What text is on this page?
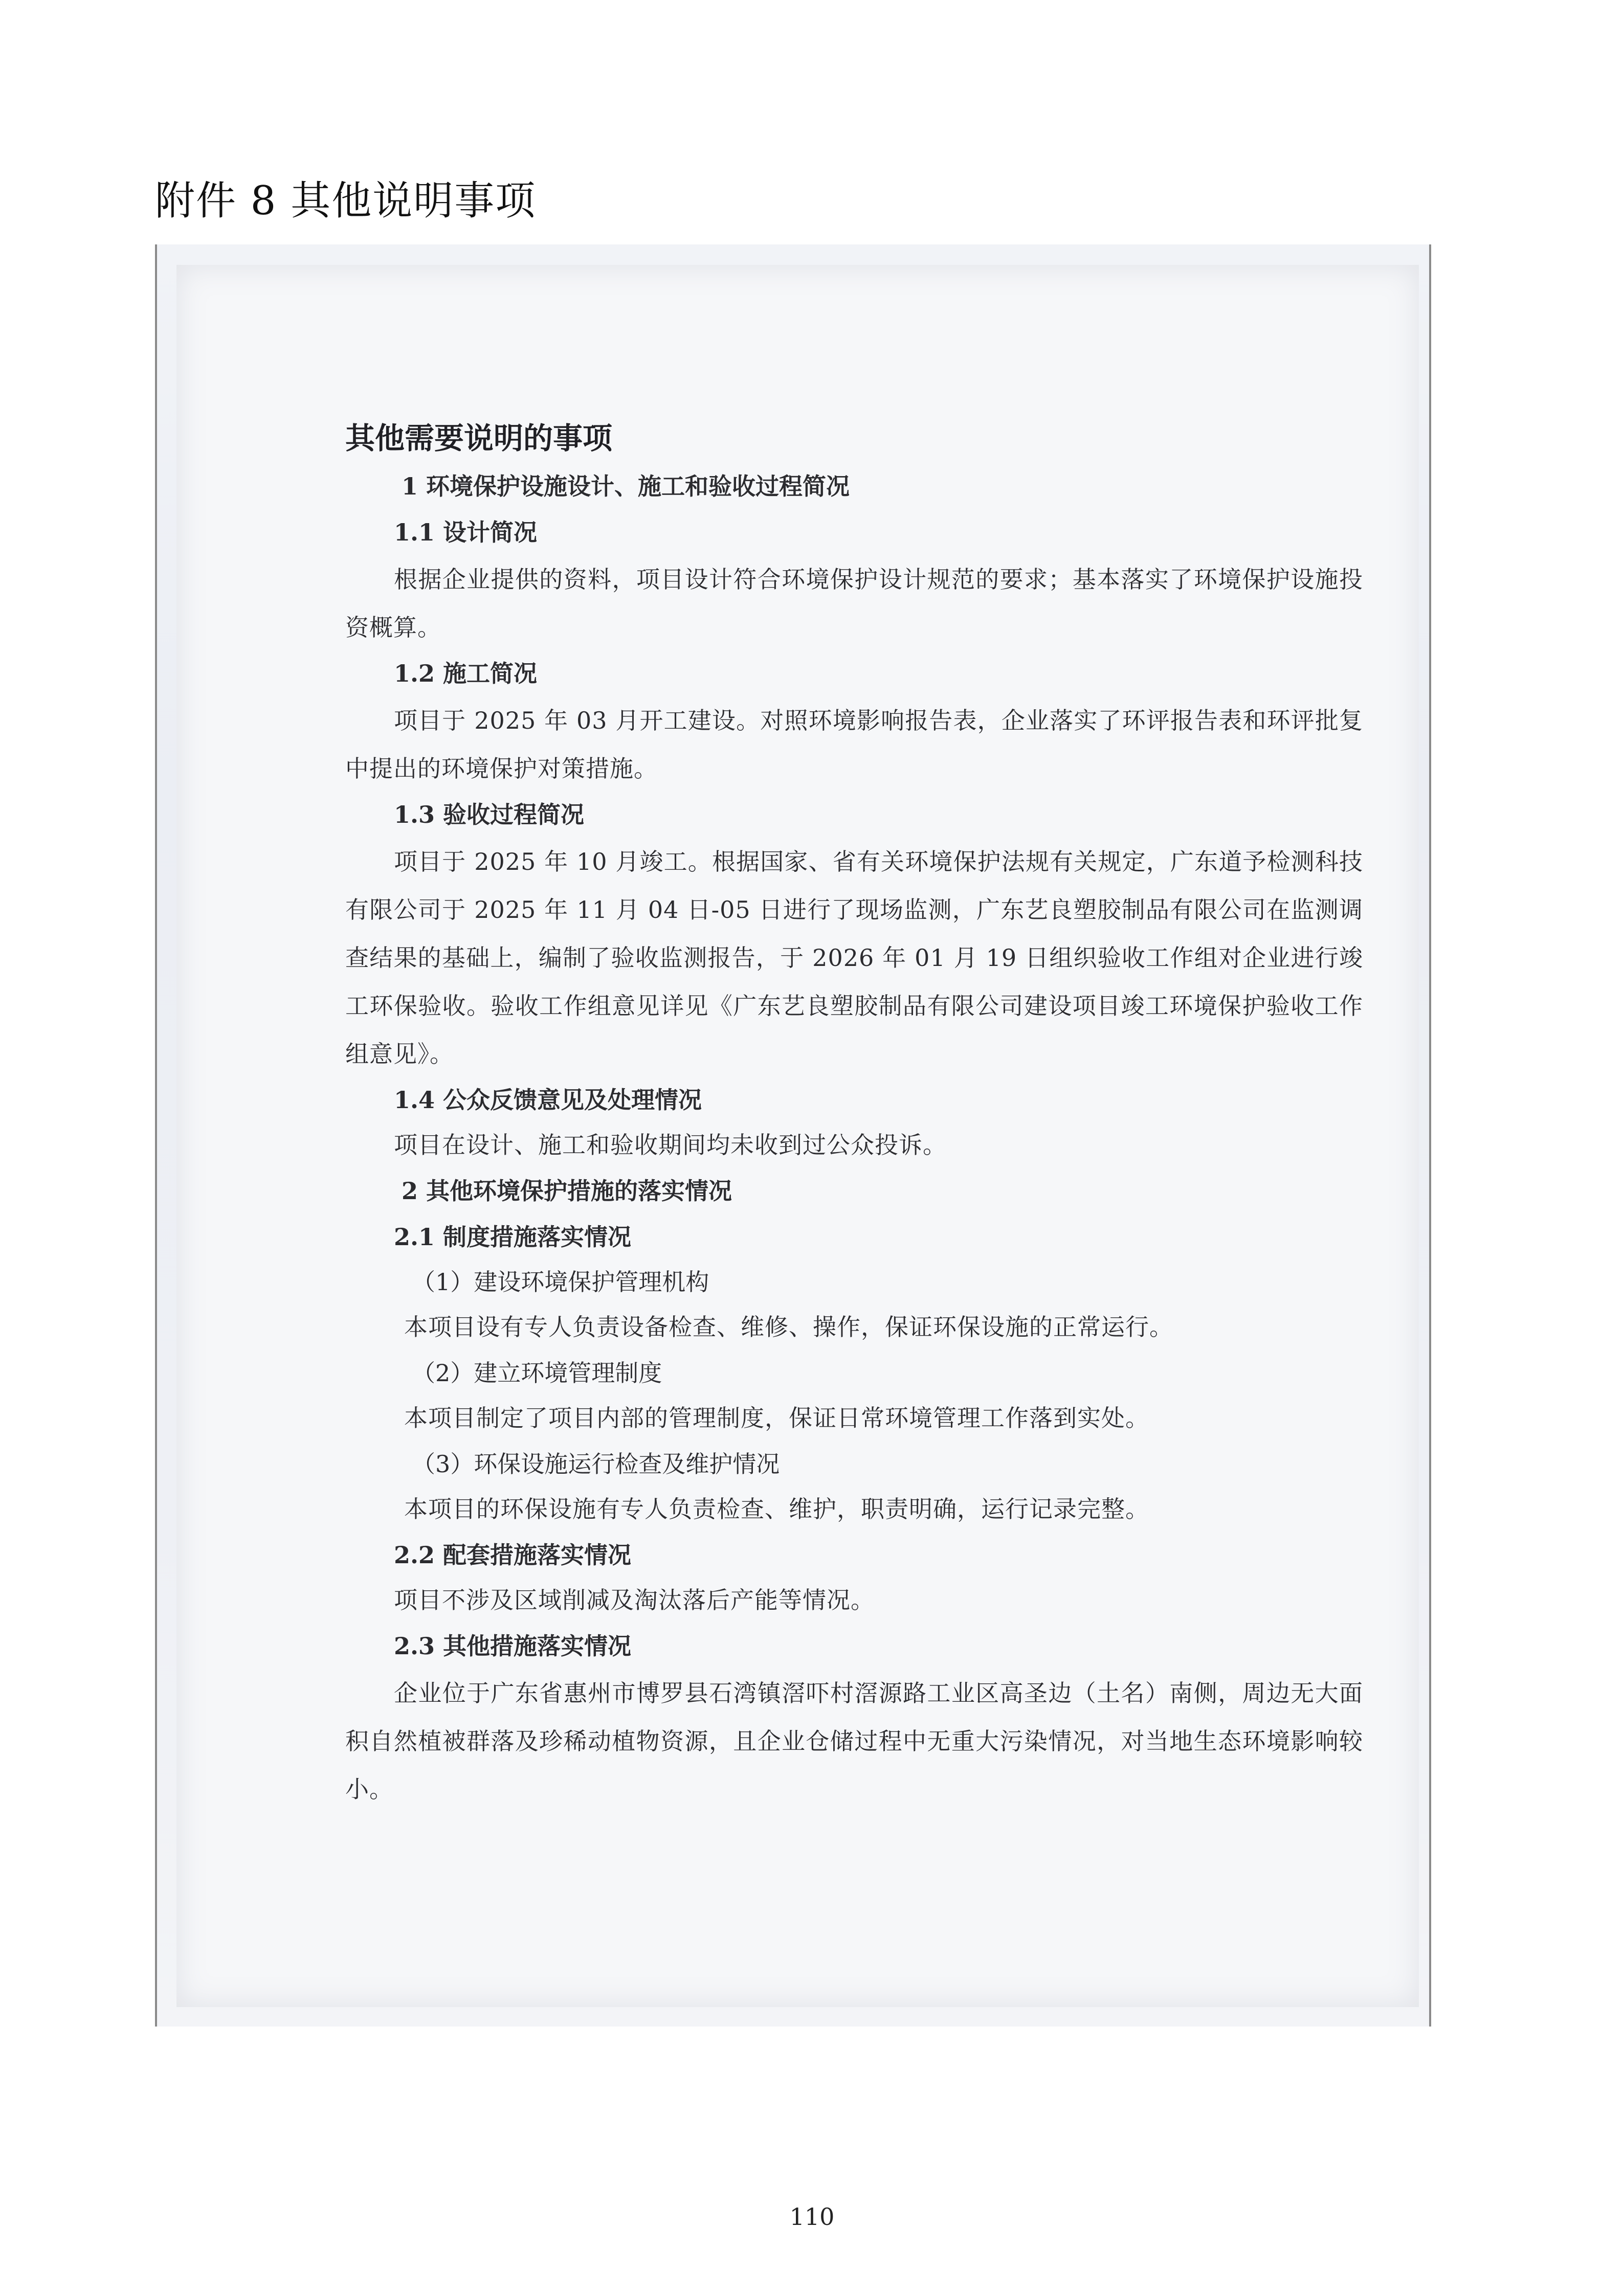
附件 8 其他说明事项
其他需要说明的事项
1 环境保护设施设计、施工和验收过程简况
1.1 设计简况
根据企业提供的资料，项目设计符合环境保护设计规范的要求；基本落实了环境保护设施投资概算。
1.2 施工简况
项目于 2025 年 03 月开工建设。对照环境影响报告表，企业落实了环评报告表和环评批复中提出的环境保护对策措施。
1.3 验收过程简况
项目于 2025 年 10 月竣工。根据国家、省有关环境保护法规有关规定，广东道予检测科技有限公司于 2025 年 11 月 04 日-05 日进行了现场监测，广东艺良塑胶制品有限公司在监测调查结果的基础上，编制了验收监测报告，于 2026 年 01 月 19 日组织验收工作组对企业进行竣工环保验收。验收工作组意见详见《广东艺良塑胶制品有限公司建设项目竣工环境保护验收工作组意见》。
1.4 公众反馈意见及处理情况
项目在设计、施工和验收期间均未收到过公众投诉。
2 其他环境保护措施的落实情况
2.1 制度措施落实情况
（1）建设环境保护管理机构
本项目设有专人负责设备检查、维修、操作，保证环保设施的正常运行。
（2）建立环境管理制度
本项目制定了项目内部的管理制度，保证日常环境管理工作落到实处。
（3）环保设施运行检查及维护情况
本项目的环保设施有专人负责检查、维护，职责明确，运行记录完整。
2.2 配套措施落实情况
项目不涉及区域削减及淘汰落后产能等情况。
2.3 其他措施落实情况
企业位于广东省惠州市博罗县石湾镇滘吓村滘源路工业区高圣边（土名）南侧，周边无大面积自然植被群落及珍稀动植物资源，且企业仓储过程中无重大污染情况，对当地生态环境影响较小。
110
